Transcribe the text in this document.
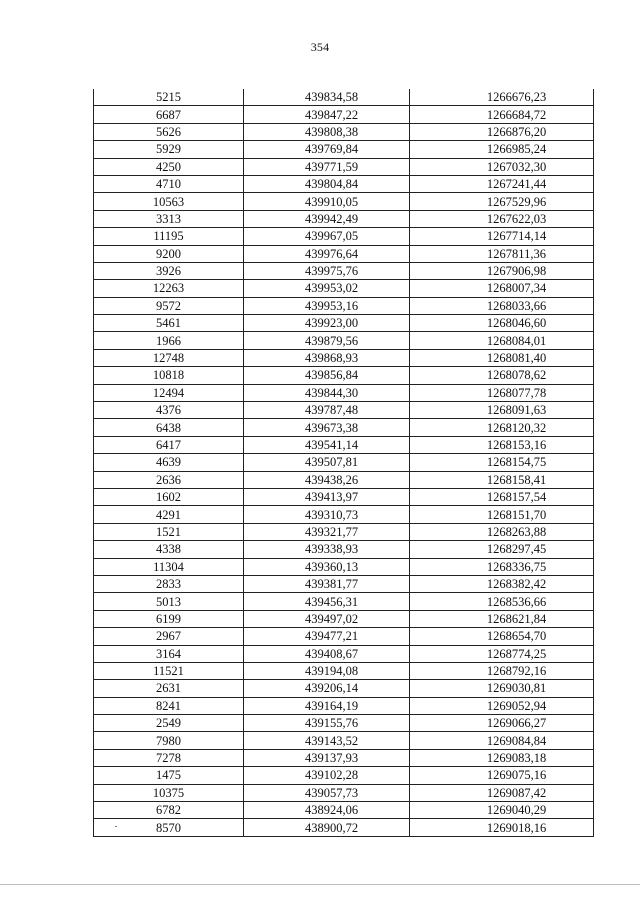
354
5215	439834,58	1266676,23
6687	439847,22	1266684,72
5626	439808,38	1266876,20
5929	439769,84	1266985,24
4250	439771,59	1267032,30
4710	439804,84	1267241,44
10563	439910,05	1267529,96
3313	439942,49	1267622,03
11195	439967,05	1267714,14
9200	439976,64	1267811,36
3926	439975,76	1267906,98
12263	439953,02	1268007,34
9572	439953,16	1268033,66
5461	439923,00	1268046,60
1966	439879,56	1268084,01
12748	439868,93	1268081,40
10818	439856,84	1268078,62
12494	439844,30	1268077,78
4376	439787,48	1268091,63
6438	439673,38	1268120,32
6417	439541,14	1268153,16
4639	439507,81	1268154,75
2636	439438,26	1268158,41
1602	439413,97	1268157,54
4291	439310,73	1268151,70
1521	439321,77	1268263,88
4338	439338,93	1268297,45
11304	439360,13	1268336,75
2833	439381,77	1268382,42
5013	439456,31	1268536,66
6199	439497,02	1268621,84
2967	439477,21	1268654,70
3164	439408,67	1268774,25
11521	439194,08	1268792,16
2631	439206,14	1269030,81
8241	439164,19	1269052,94
2549	439155,76	1269066,27
7980	439143,52	1269084,84
7278	439137,93	1269083,18
1475	439102,28	1269075,16
10375	439057,73	1269087,42
6782	438924,06	1269040,29
8570	438900,72	1269018,16
